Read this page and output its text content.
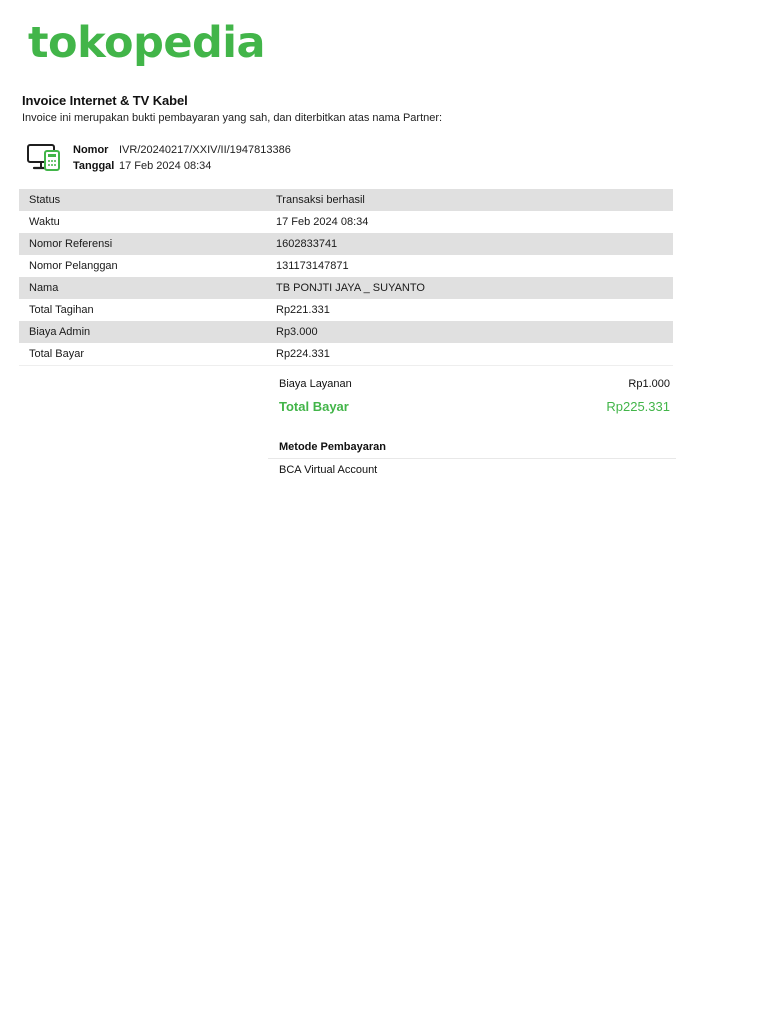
tokopedia
Invoice Internet & TV Kabel
Invoice ini merupakan bukti pembayaran yang sah, dan diterbitkan atas nama Partner:
Nomor IVR/20240217/XXIV/II/1947813386
Tanggal 17 Feb 2024 08:34
Status	Transaksi berhasil
Waktu	17 Feb 2024 08:34
Nomor Referensi	1602833741
Nomor Pelanggan	131173147871
Nama	TB PONJTI JAYA _ SUYANTO
Total Tagihan	Rp221.331
Biaya Admin	Rp3.000
Total Bayar	Rp224.331
Biaya Layanan	Rp1.000
Total Bayar	Rp225.331
Metode Pembayaran
BCA Virtual Account
